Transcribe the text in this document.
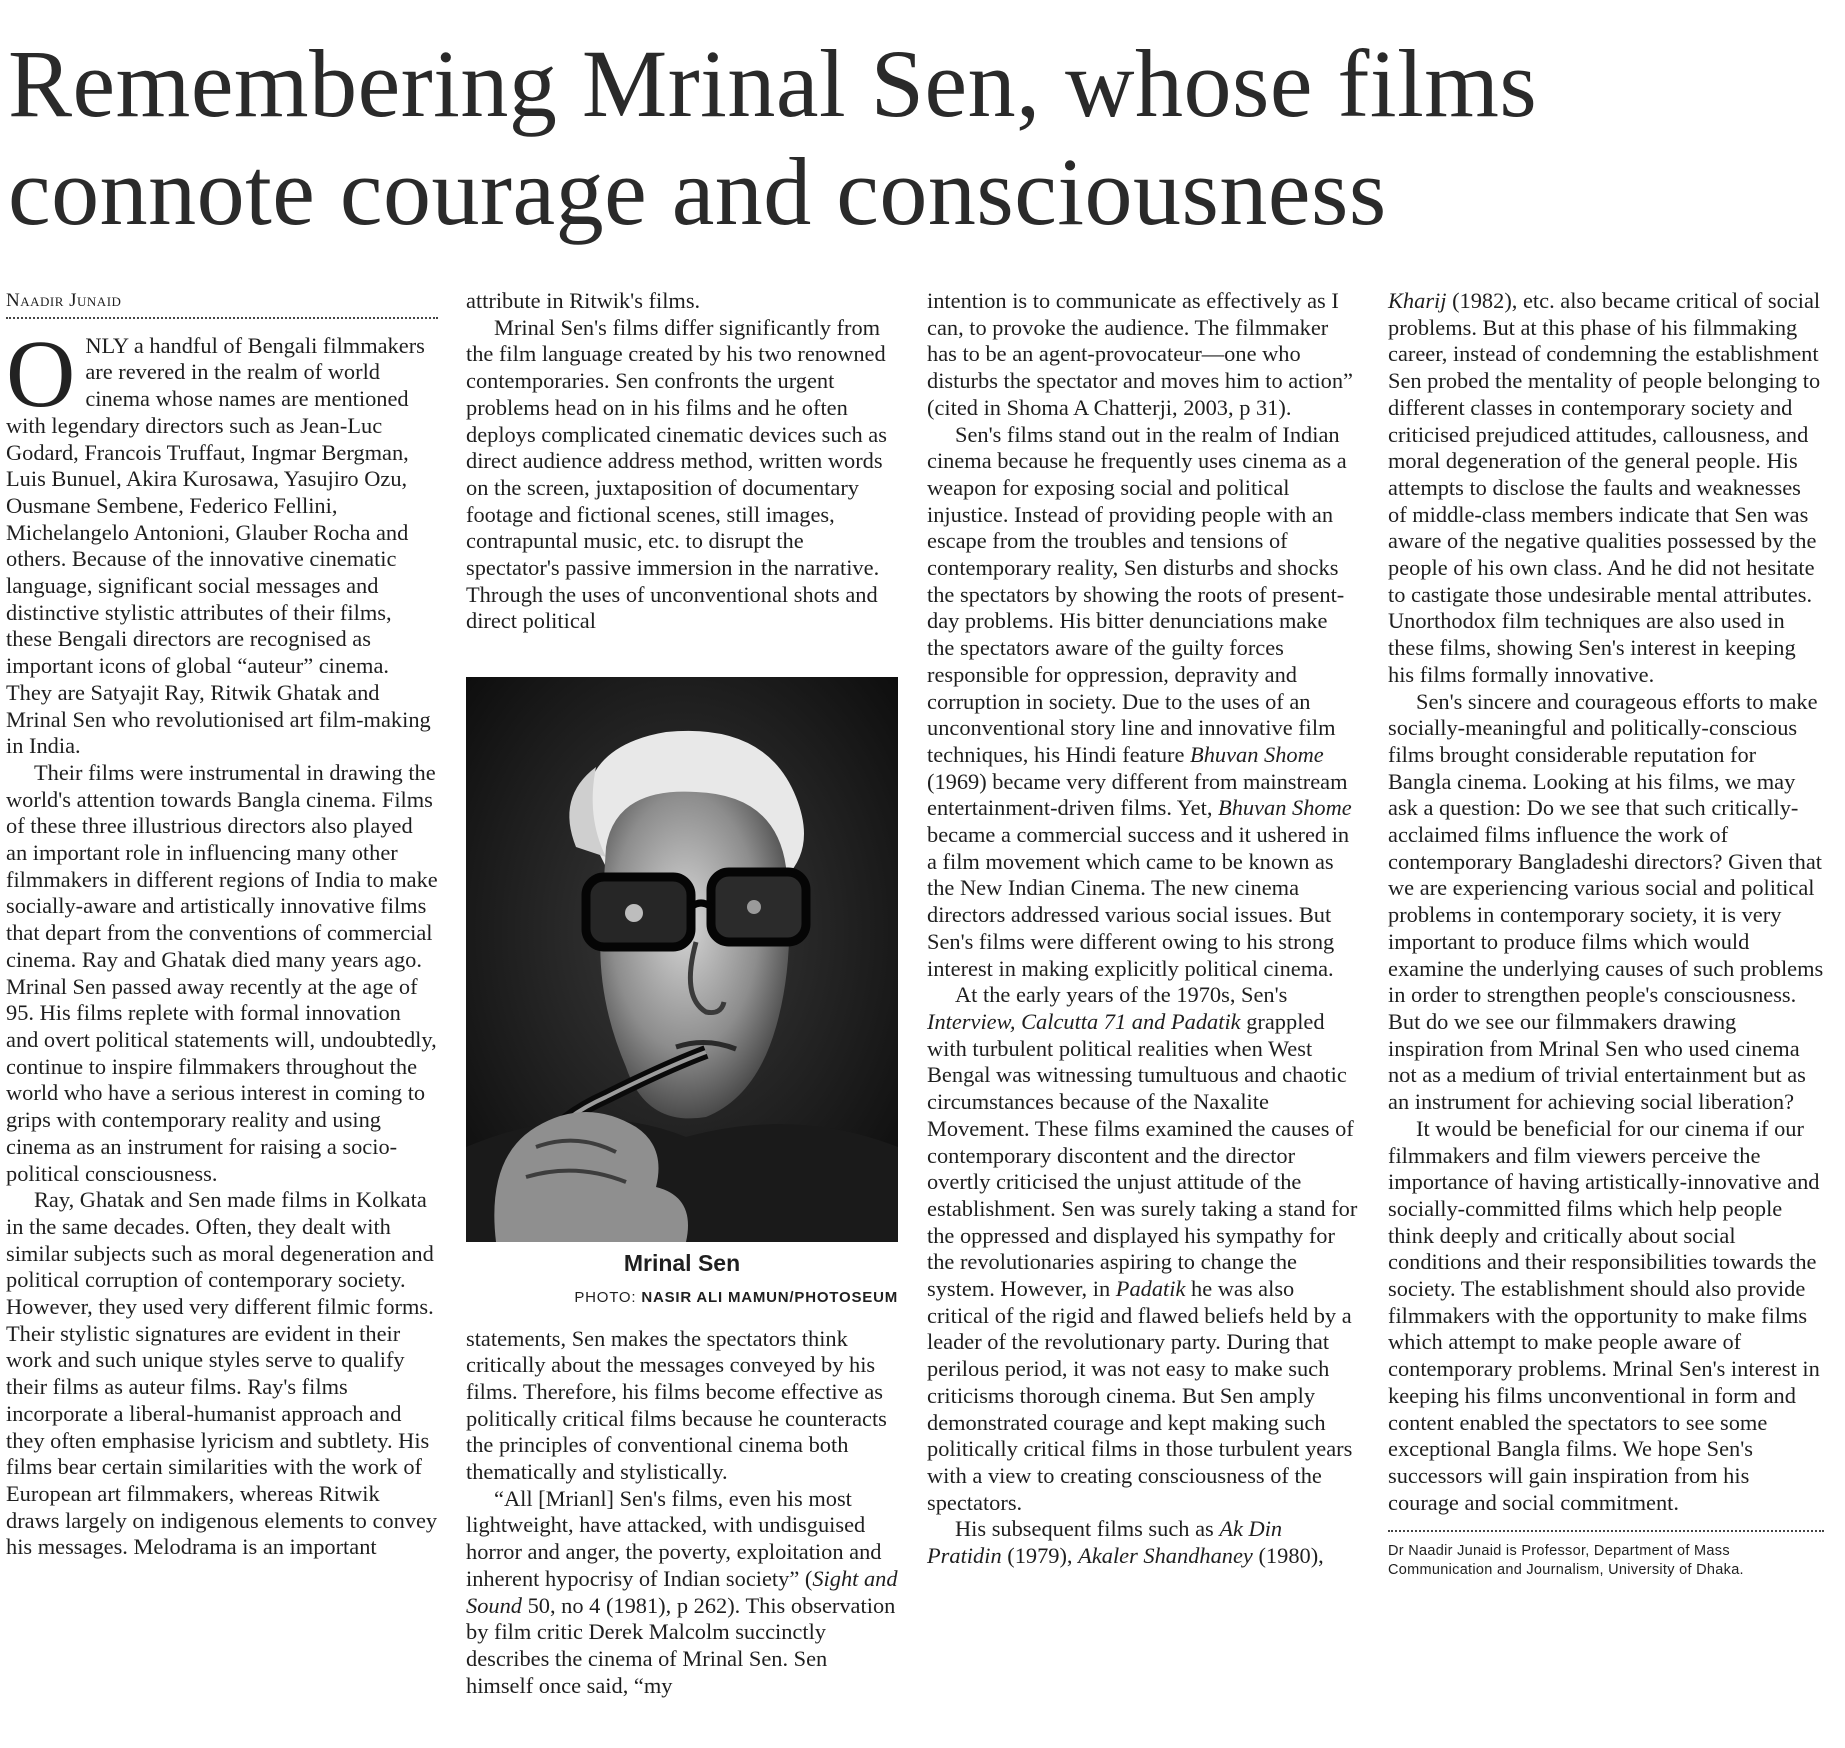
Remembering Mrinal Sen, whose films connote courage and consciousness
Naadir Junaid

ONLY a handful of Bengali filmmakers are revered in the realm of world cinema whose names are mentioned with legendary directors such as Jean-Luc Godard, Francois Truffaut, Ingmar Bergman, Luis Bunuel, Akira Kurosawa, Yasujiro Ozu, Ousmane Sembene, Federico Fellini, Michelangelo Antonioni, Glauber Rocha and others. Because of the innovative cinematic language, significant social messages and distinctive stylistic attributes of their films, these Bengali directors are recognised as important icons of global “auteur” cinema. They are Satyajit Ray, Ritwik Ghatak and Mrinal Sen who revolutionised art film-making in India.

Their films were instrumental in drawing the world's attention towards Bangla cinema. Films of these three illustrious directors also played an important role in influencing many other filmmakers in different regions of India to make socially-aware and artistically innovative films that depart from the conventions of commercial cinema. Ray and Ghatak died many years ago. Mrinal Sen passed away recently at the age of 95. His films replete with formal innovation and overt political statements will, undoubtedly, continue to inspire filmmakers throughout the world who have a serious interest in coming to grips with contemporary reality and using cinema as an instrument for raising a socio-political consciousness.

Ray, Ghatak and Sen made films in Kolkata in the same decades. Often, they dealt with similar subjects such as moral degeneration and political corruption of contemporary society. However, they used very different filmic forms. Their stylistic signatures are evident in their work and such unique styles serve to qualify their films as auteur films. Ray's films incorporate a liberal-humanist approach and they often emphasise lyricism and subtlety. His films bear certain similarities with the work of European art filmmakers, whereas Ritwik draws largely on indigenous elements to convey his messages. Melodrama is an important

attribute in Ritwik's films.

Mrinal Sen's films differ significantly from the film language created by his two renowned contemporaries. Sen confronts the urgent problems head on in his films and he often deploys complicated cinematic devices such as direct audience address method, written words on the screen, juxtaposition of documentary footage and fictional scenes, still images, contrapuntal music, etc. to disrupt the spectator's passive immersion in the narrative. Through the uses of unconventional shots and direct political

Mrinal Sen
PHOTO: NASIR ALI MAMUN/PHOTOSEUM

statements, Sen makes the spectators think critically about the messages conveyed by his films. Therefore, his films become effective as politically critical films because he counteracts the principles of conventional cinema both thematically and stylistically.

“All [Mrianl] Sen's films, even his most lightweight, have attacked, with undisguised horror and anger, the poverty, exploitation and inherent hypocrisy of Indian society” (Sight and Sound 50, no 4 (1981), p 262). This observation by film critic Derek Malcolm succinctly describes the cinema of Mrinal Sen. Sen himself once said, “my

intention is to communicate as effectively as I can, to provoke the audience. The filmmaker has to be an agent-provocateur—one who disturbs the spectator and moves him to action” (cited in Shoma A Chatterji, 2003, p 31).

Sen's films stand out in the realm of Indian cinema because he frequently uses cinema as a weapon for exposing social and political injustice. Instead of providing people with an escape from the troubles and tensions of contemporary reality, Sen disturbs and shocks the spectators by showing the roots of present-day problems. His bitter denunciations make the spectators aware of the guilty forces responsible for oppression, depravity and corruption in society. Due to the uses of an unconventional story line and innovative film techniques, his Hindi feature Bhuvan Shome (1969) became very different from mainstream entertainment-driven films. Yet, Bhuvan Shome became a commercial success and it ushered in a film movement which came to be known as the New Indian Cinema. The new cinema directors addressed various social issues. But Sen's films were different owing to his strong interest in making explicitly political cinema.

At the early years of the 1970s, Sen's Interview, Calcutta 71 and Padatik grappled with turbulent political realities when West Bengal was witnessing tumultuous and chaotic circumstances because of the Naxalite Movement. These films examined the causes of contemporary discontent and the director overtly criticised the unjust attitude of the establishment. Sen was surely taking a stand for the oppressed and displayed his sympathy for the revolutionaries aspiring to change the system. However, in Padatik he was also critical of the rigid and flawed beliefs held by a leader of the revolutionary party. During that perilous period, it was not easy to make such criticisms thorough cinema. But Sen amply demonstrated courage and kept making such politically critical films in those turbulent years with a view to creating consciousness of the spectators.

His subsequent films such as Ak Din Pratidin (1979), Akaler Shandhaney (1980),

Kharij (1982), etc. also became critical of social problems. But at this phase of his filmmaking career, instead of condemning the establishment Sen probed the mentality of people belonging to different classes in contemporary society and criticised prejudiced attitudes, callousness, and moral degeneration of the general people. His attempts to disclose the faults and weaknesses of middle-class members indicate that Sen was aware of the negative qualities possessed by the people of his own class. And he did not hesitate to castigate those undesirable mental attributes. Unorthodox film techniques are also used in these films, showing Sen's interest in keeping his films formally innovative.

Sen's sincere and courageous efforts to make socially-meaningful and politically-conscious films brought considerable reputation for Bangla cinema. Looking at his films, we may ask a question: Do we see that such critically-acclaimed films influence the work of contemporary Bangladeshi directors? Given that we are experiencing various social and political problems in contemporary society, it is very important to produce films which would examine the underlying causes of such problems in order to strengthen people's consciousness. But do we see our filmmakers drawing inspiration from Mrinal Sen who used cinema not as a medium of trivial entertainment but as an instrument for achieving social liberation?

It would be beneficial for our cinema if our filmmakers and film viewers perceive the importance of having artistically-innovative and socially-committed films which help people think deeply and critically about social conditions and their responsibilities towards the society. The establishment should also provide filmmakers with the opportunity to make films which attempt to make people aware of contemporary problems. Mrinal Sen's interest in keeping his films unconventional in form and content enabled the spectators to see some exceptional Bangla films. We hope Sen's successors will gain inspiration from his courage and social commitment.

Dr Naadir Junaid is Professor, Department of Mass Communication and Journalism, University of Dhaka.
